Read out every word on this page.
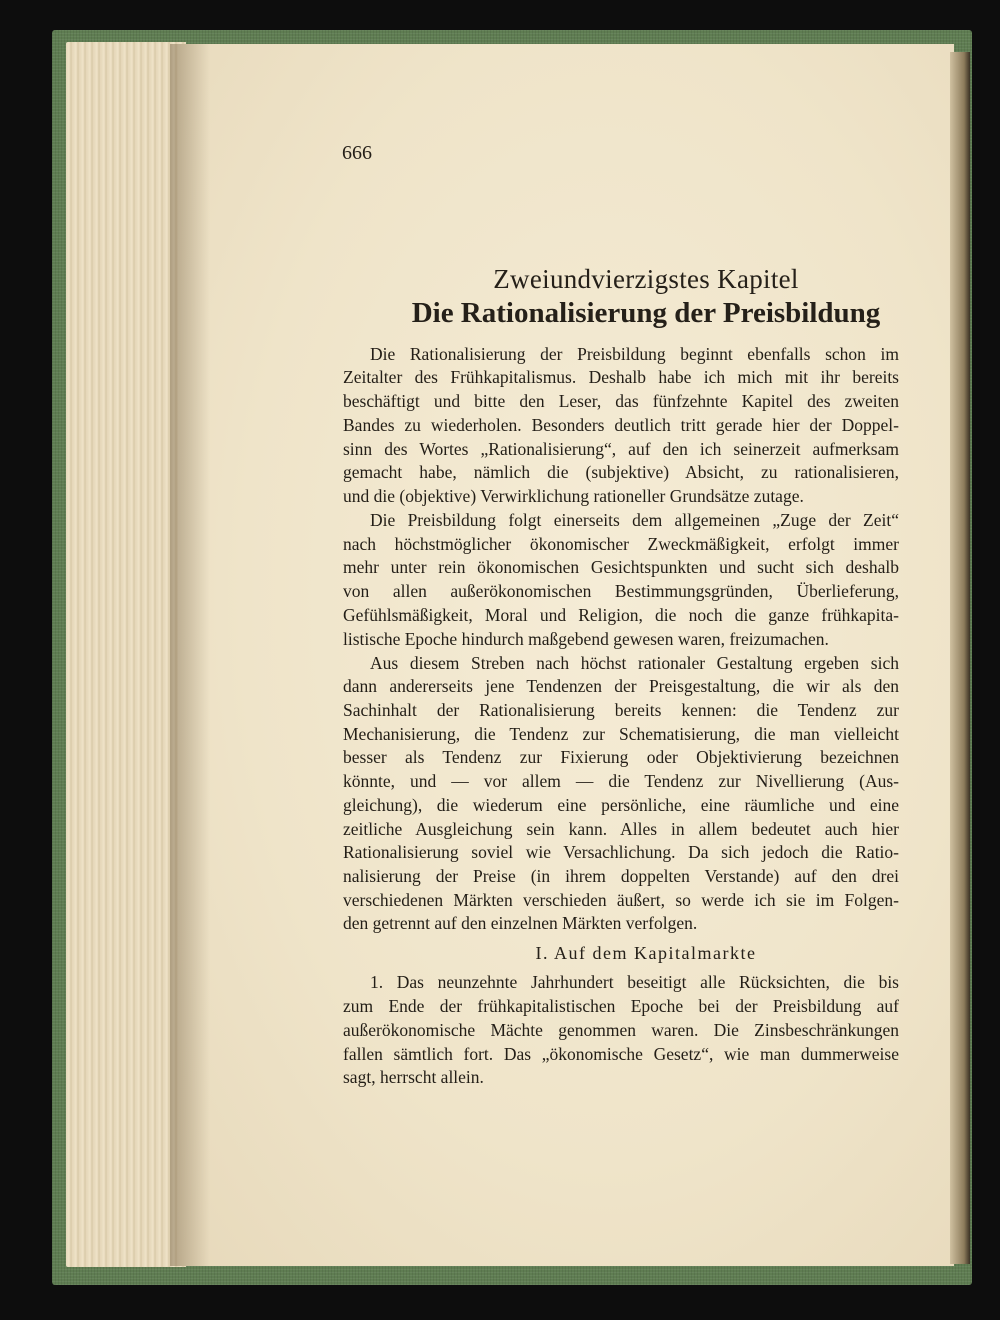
666

Zweiundvierzigstes Kapitel

Die Rationalisierung der Preisbildung

Die Rationalisierung der Preisbildung beginnt ebenfalls schon im

Zeitalter des Frühkapitalismus. Deshalb habe ich mich mit ihr bereits

beschäftigt und bitte den Leser, das fünfzehnte Kapitel des zweiten

Bandes zu wiederholen. Besonders deutlich tritt gerade hier der Doppel-

sinn des Wortes „Rationalisierung“, auf den ich seinerzeit aufmerksam

gemacht habe, nämlich die (subjektive) Absicht, zu rationalisieren,

und die (objektive) Verwirklichung rationeller Grundsätze zutage.

Die Preisbildung folgt einerseits dem allgemeinen „Zuge der Zeit“

nach höchstmöglicher ökonomischer Zweckmäßigkeit, erfolgt immer

mehr unter rein ökonomischen Gesichtspunkten und sucht sich deshalb

von allen außerökonomischen Bestimmungsgründen, Überlieferung,

Gefühlsmäßigkeit, Moral und Religion, die noch die ganze frühkapita-

listische Epoche hindurch maßgebend gewesen waren, freizumachen.

Aus diesem Streben nach höchst rationaler Gestaltung ergeben sich

dann andererseits jene Tendenzen der Preisgestaltung, die wir als den

Sachinhalt der Rationalisierung bereits kennen: die Tendenz zur

Mechanisierung, die Tendenz zur Schematisierung, die man vielleicht

besser als Tendenz zur Fixierung oder Objektivierung bezeichnen

könnte, und — vor allem — die Tendenz zur Nivellierung (Aus-

gleichung), die wiederum eine persönliche, eine räumliche und eine

zeitliche Ausgleichung sein kann. Alles in allem bedeutet auch hier

Rationalisierung soviel wie Versachlichung. Da sich jedoch die Ratio-

nalisierung der Preise (in ihrem doppelten Verstande) auf den drei

verschiedenen Märkten verschieden äußert, so werde ich sie im Folgen-

den getrennt auf den einzelnen Märkten verfolgen.

I. Auf dem Kapitalmarkte

1. Das neunzehnte Jahrhundert beseitigt alle Rücksichten, die bis

zum Ende der frühkapitalistischen Epoche bei der Preisbildung auf

außerökonomische Mächte genommen waren. Die Zinsbeschränkungen

fallen sämtlich fort. Das „ökonomische Gesetz“, wie man dummerweise

sagt, herrscht allein.
